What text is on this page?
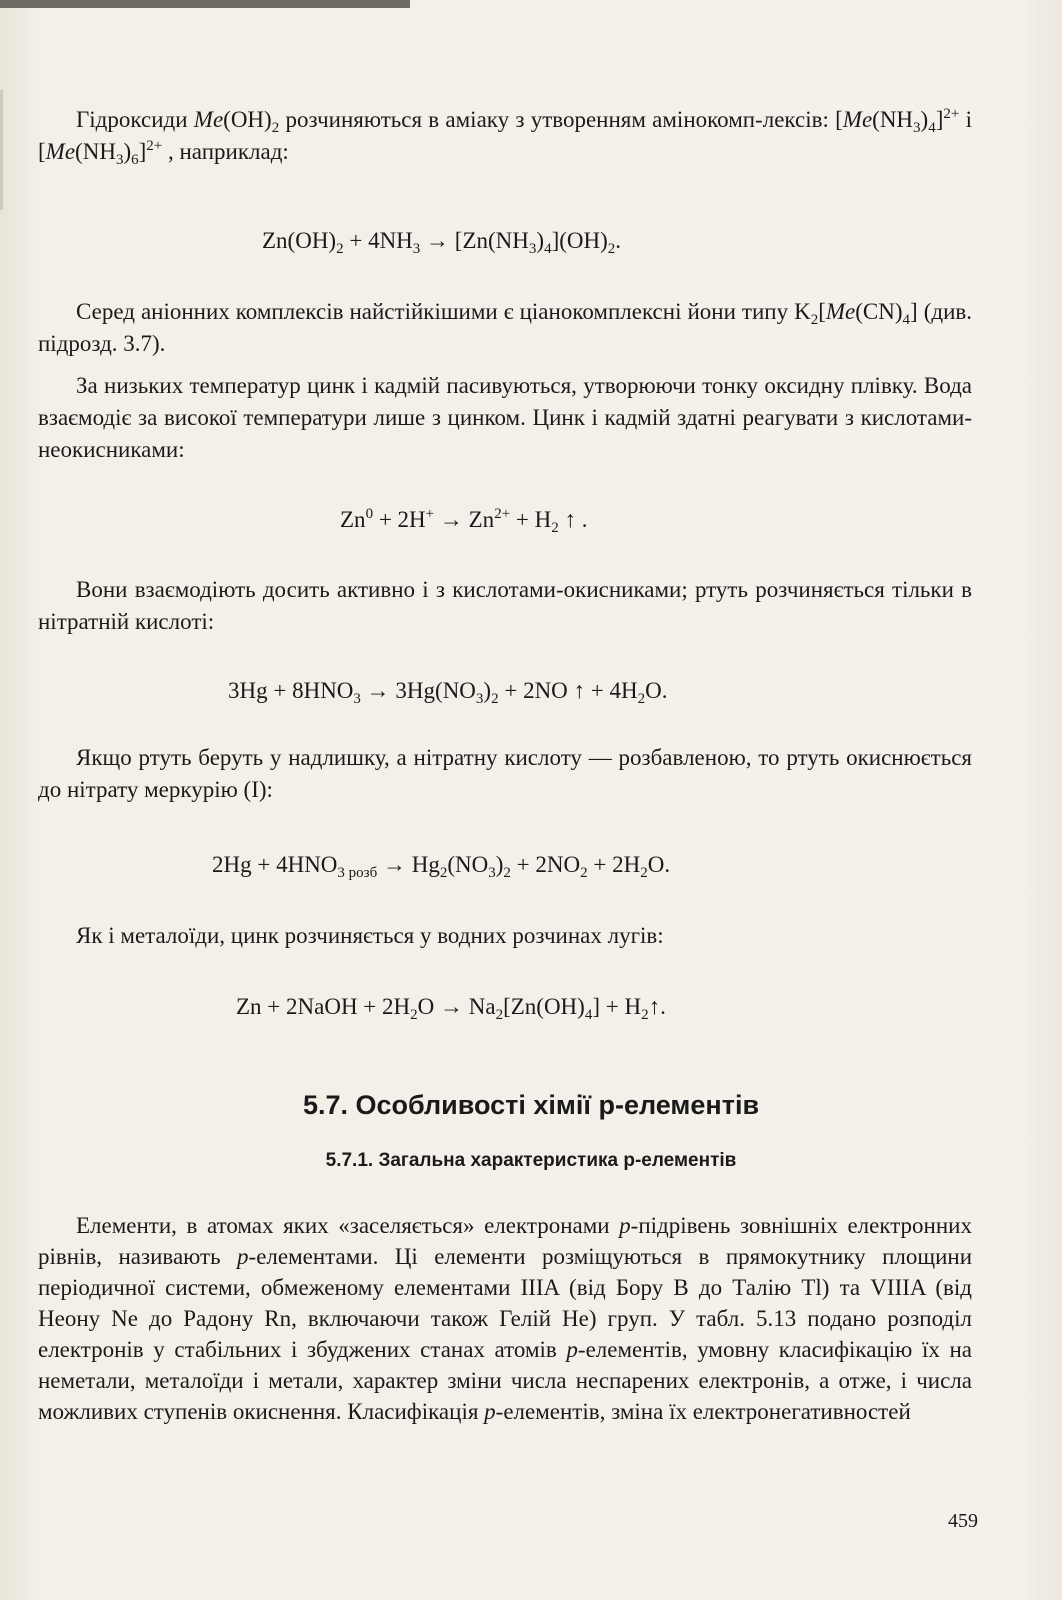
Гідроксиди $Me(OH)_2$ розчиняються в аміаку з утворенням амінокомп-лексів: $[Me(NH_3)_4]^{2+}$ і $[Me(NH_3)_6]^{2+}$ , наприклад:
$Zn(OH)_2 + 4NH_3 \to [Zn(NH_3)_4](OH)_2$.
Серед аніонних комплексів найстійкішими є ціанокомплексні йони типу $K_2[Me(CN)_4]$ (див. підрозд. 3.7).
За низьких температур цинк і кадмій пасивуються, утворюючи тонку оксидну плівку. Вода взаємодіє за високої температури лише з цинком. Цинк і кадмій здатні реагувати з кислотами-неокисниками:
$Zn^0 + 2H^+ \to Zn^{2+} + H_2$ ↑ .
Вони взаємодіють досить активно і з кислотами-окисниками; ртуть розчиняється тільки в нітратній кислоті:
$3Hg + 8HNO_3 \to 3Hg(NO_3)_2 + 2NO$ ↑ + $4H_2O$.
Якщо ртуть беруть у надлишку, а нітратну кислоту — розбавленою, то ртуть окиснюється до нітрату меркурію (I):
$2Hg + 4HNO_{3 розб} \to Hg_2(NO_3)_2 + 2NO_2 + 2H_2O$.
Як і металоїди, цинк розчиняється у водних розчинах лугів:
Zn + 2NaOH + $2H_2O \to Na_2[Zn(OH)_4]$ + $H_2↑$.
5.7. Особливості хімії p-елементів
5.7.1. Загальна характеристика p-елементів
Елементи, в атомах яких «заселяється» електронами p-підрівень зовнішніх електронних рівнів, називають p-елементами. Ці елементи розміщуються в прямокутнику площини періодичної системи, обмеженому елементами IIIA (від Бору B до Талію Tl) та VIIIA (від Неону Ne до Радону Rn, включаючи також Гелій He) груп. У табл. 5.13 подано розподіл електронів у стабільних і збуджених станах атомів p-елементів, умовну класифікацію їх на неметали, металоїди і метали, характер зміни числа неспарених електронів, а отже, і числа можливих ступенів окиснення. Класифікація p-елементів, зміна їх електронегативностей
459
